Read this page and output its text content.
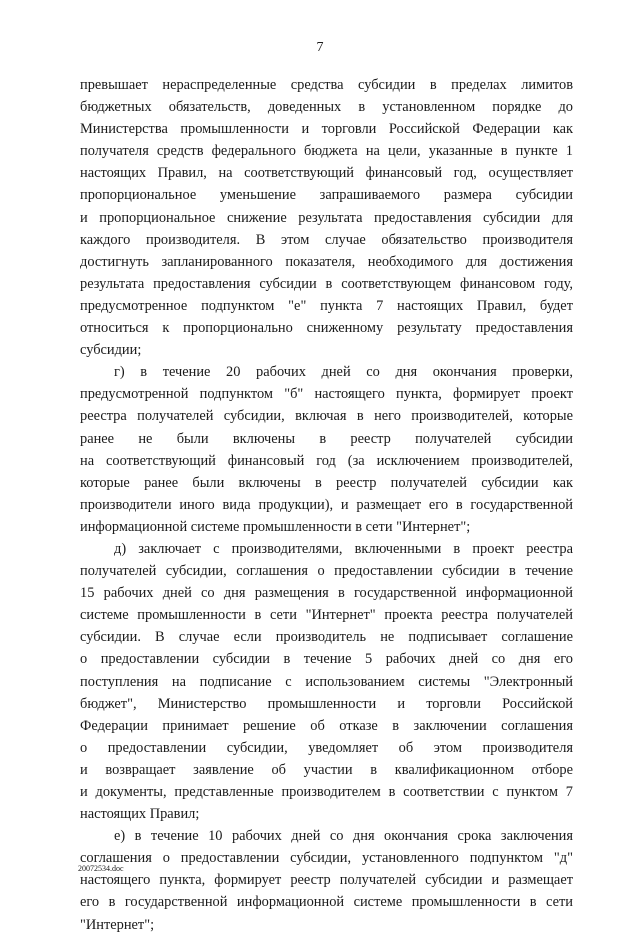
7
превышает нераспределенные средства субсидии в пределах лимитов
бюджетных обязательств, доведенных в установленном порядке до
Министерства промышленности и торговли Российской Федерации как
получателя средств федерального бюджета на цели, указанные в пункте 1
настоящих Правил, на соответствующий финансовый год, осуществляет
пропорциональное уменьшение запрашиваемого размера субсидии
и пропорциональное снижение результата предоставления субсидии для
каждого производителя. В этом случае обязательство производителя
достигнуть запланированного показателя, необходимого для достижения
результата предоставления субсидии в соответствующем финансовом году,
предусмотренное подпунктом "е" пункта 7 настоящих Правил, будет
относиться к пропорционально сниженному результату предоставления
субсидии;
г) в течение 20 рабочих дней со дня окончания проверки,
предусмотренной подпунктом "б" настоящего пункта, формирует проект
реестра получателей субсидии, включая в него производителей, которые
ранее не были включены в реестр получателей субсидии
на соответствующий финансовый год (за исключением производителей,
которые ранее были включены в реестр получателей субсидии как
производители иного вида продукции), и размещает его в государственной
информационной системе промышленности в сети "Интернет";
д) заключает с производителями, включенными в проект реестра
получателей субсидии, соглашения о предоставлении субсидии в течение
15 рабочих дней со дня размещения в государственной информационной
системе промышленности в сети "Интернет" проекта реестра получателей
субсидии. В случае если производитель не подписывает соглашение
о предоставлении субсидии в течение 5 рабочих дней со дня его
поступления на подписание с использованием системы "Электронный
бюджет", Министерство промышленности и торговли Российской
Федерации принимает решение об отказе в заключении соглашения
о предоставлении субсидии, уведомляет об этом производителя
и возвращает заявление об участии в квалификационном отборе
и документы, представленные производителем в соответствии с пунктом 7
настоящих Правил;
е) в течение 10 рабочих дней со дня окончания срока заключения
соглашения о предоставлении субсидии, установленного подпунктом "д"
настоящего пункта, формирует реестр получателей субсидии и размещает
его в государственной информационной системе промышленности в сети
"Интернет";
20072534.doc
